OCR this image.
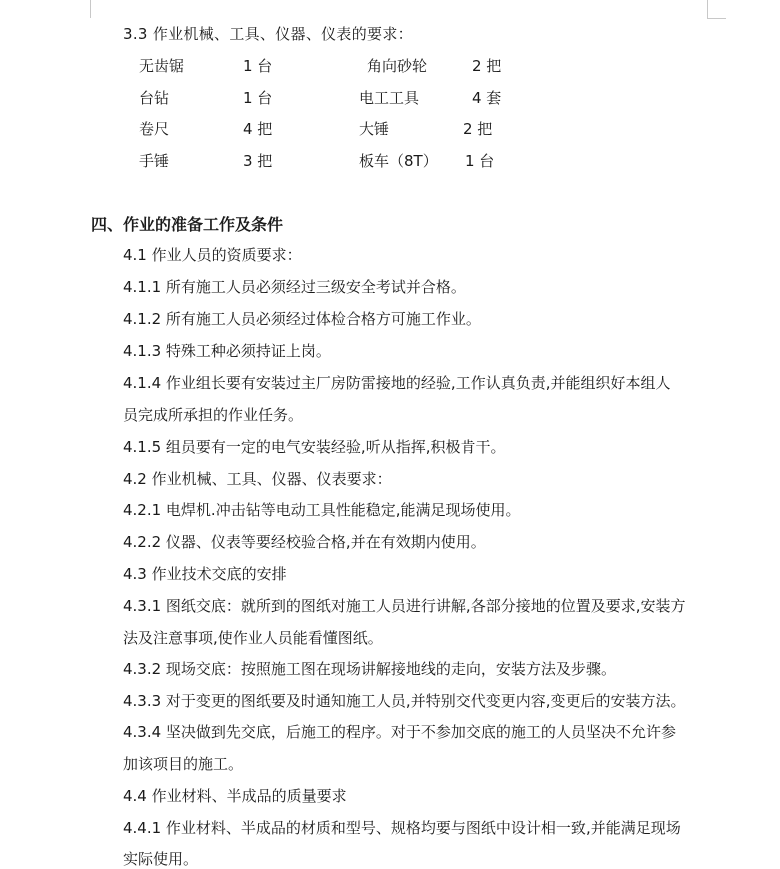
3.3 作业机械、工具、仪器、仪表的要求：
无齿锯	1 台	角向砂轮	2 把
台钻	1 台	电工工具	4 套
卷尺	4 把	大锤	2 把
手锤	3 把	板车（8T） 1 台
四、作业的准备工作及条件
4.1 作业人员的资质要求：
4.1.1 所有施工人员必须经过三级安全考试并合格。
4.1.2 所有施工人员必须经过体检合格方可施工作业。
4.1.3 特殊工种必须持证上岗。
4.1.4 作业组长要有安装过主厂房防雷接地的经验,工作认真负责,并能组织好本组人
员完成所承担的作业任务。
4.1.5 组员要有一定的电气安装经验,听从指挥,积极肯干。
4.2 作业机械、工具、仪器、仪表要求：
4.2.1 电焊机.冲击钻等电动工具性能稳定,能满足现场使用。
4.2.2 仪器、仪表等要经校验合格,并在有效期内使用。
4.3 作业技术交底的安排
4.3.1 图纸交底：就所到的图纸对施工人员进行讲解,各部分接地的位置及要求,安装方
法及注意事项,使作业人员能看懂图纸。
4.3.2 现场交底：按照施工图在现场讲解接地线的走向，安装方法及步骤。
4.3.3 对于变更的图纸要及时通知施工人员,并特别交代变更内容,变更后的安装方法。
4.3.4 坚决做到先交底，后施工的程序。对于不参加交底的施工的人员坚决不允许参
加该项目的施工。
4.4 作业材料、半成品的质量要求
4.4.1 作业材料、半成品的材质和型号、规格均要与图纸中设计相一致,并能满足现场
实际使用。
